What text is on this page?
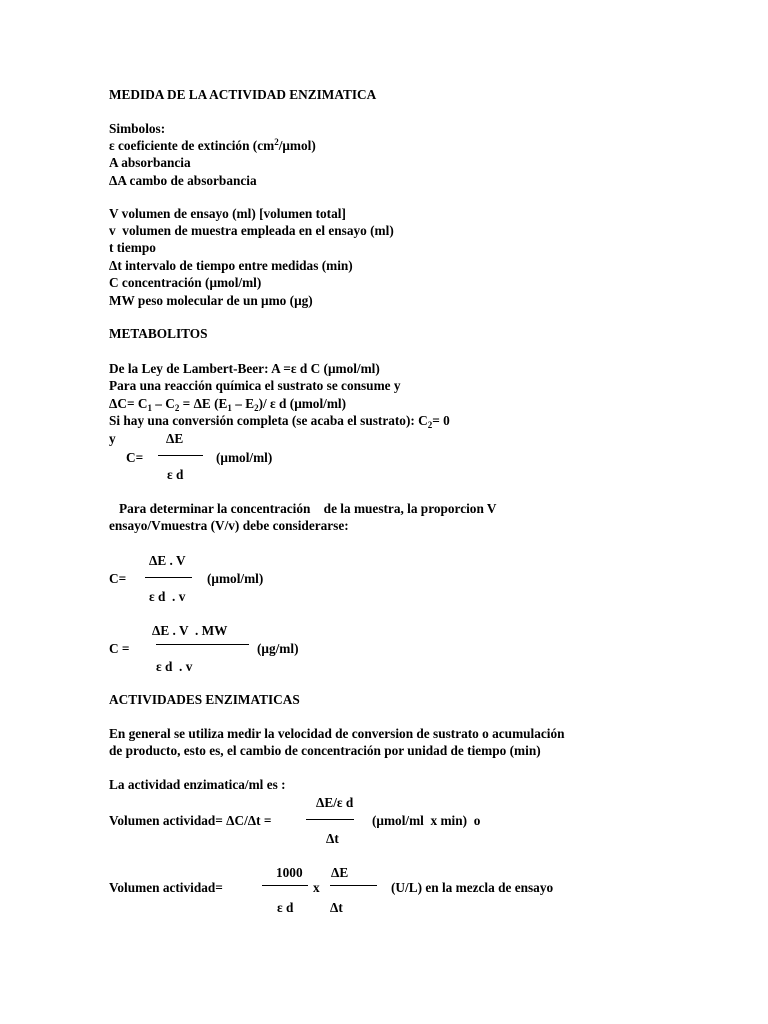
MEDIDA DE LA ACTIVIDAD ENZIMATICA
Simbolos:
ε coeficiente de extinción $(cm^2/\mu mol)$
A absorbancia
ΔA cambo de absorbancia
V volumen de ensayo (ml) [volumen total]
v  volumen de muestra empleada en el ensayo (ml)
t tiempo
Δt intervalo de tiempo entre medidas (min)
C concentración (μmol/ml)
MW peso molecular de un μmo (μg)
METABOLITOS
De la Ley de Lambert-Beer: A =ε d C (μmol/ml)
Para una reacción química el sustrato se consume y
$\Delta C= C_1 - C_2 = \Delta E$ $(E_1 - E_2)/$ ε d (μmol/ml)
Si hay una conversión completa (se acaba el sustrato): $C_2= 0$
y	ΔE
C=	(μmol/ml)
ε d
Para determinar la concentración    de la muestra, la proporcion V
ensayo/Vmuestra (V/v) debe considerarse:
ΔE . V
C=	(μmol/ml)
ε d  . v
ΔE . V  . MW
C =	(μg/ml)
ε d  . v
ACTIVIDADES ENZIMATICAS
En general se utiliza medir la velocidad de conversion de sustrato o acumulación
de producto, esto es, el cambio de concentración por unidad de tiempo (min)
La actividad enzimatica/ml es :
ΔE/ε d
Volumen actividad= ΔC/Δt =	(μmol/ml  x min)  o
Δt
1000 ΔE
Volumen actividad=	x	(U/L) en la mezcla de ensayo
ε d	Δt
